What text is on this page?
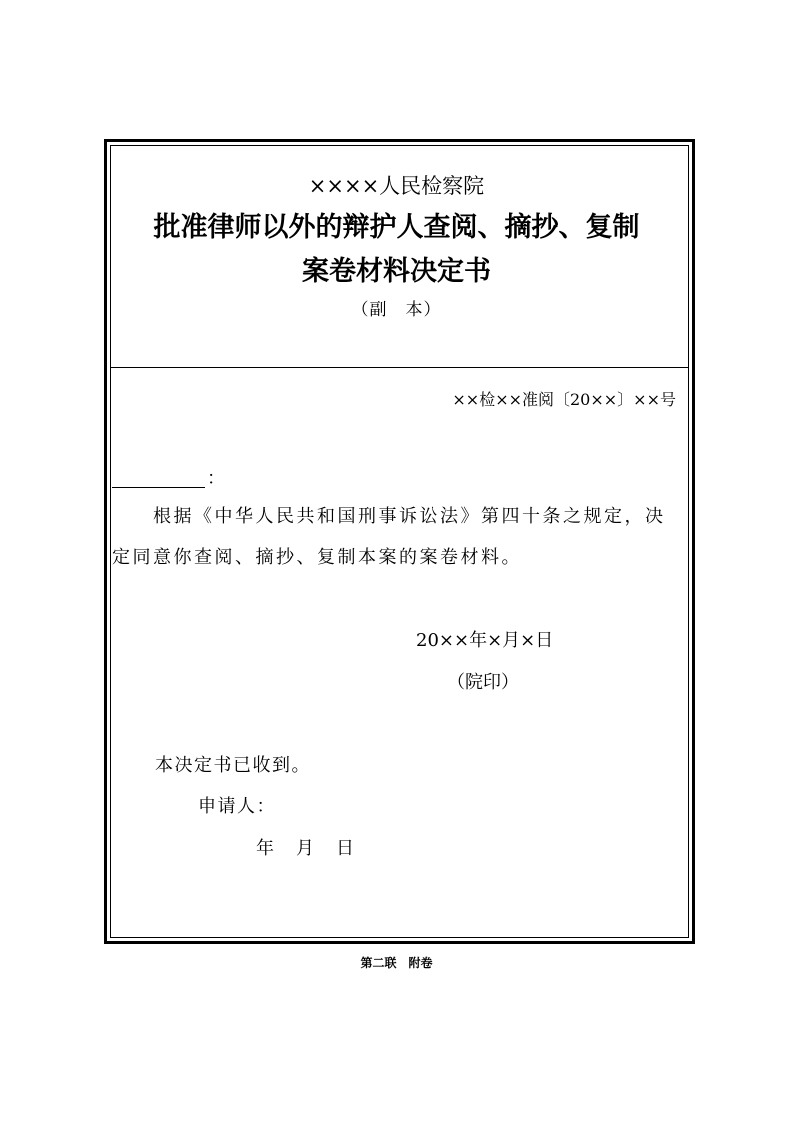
××××人民检察院
批准律师以外的辩护人查阅、摘抄、复制
案卷材料决定书
（副　本）
××检××准阅〔20××〕××号
：
根据《中华人民共和国刑事诉讼法》第四十条之规定，决
定同意你查阅、摘抄、复制本案的案卷材料。
20××年×月×日
（院印）
本决定书已收到。
申请人：
年 月 日
第二联　附卷
